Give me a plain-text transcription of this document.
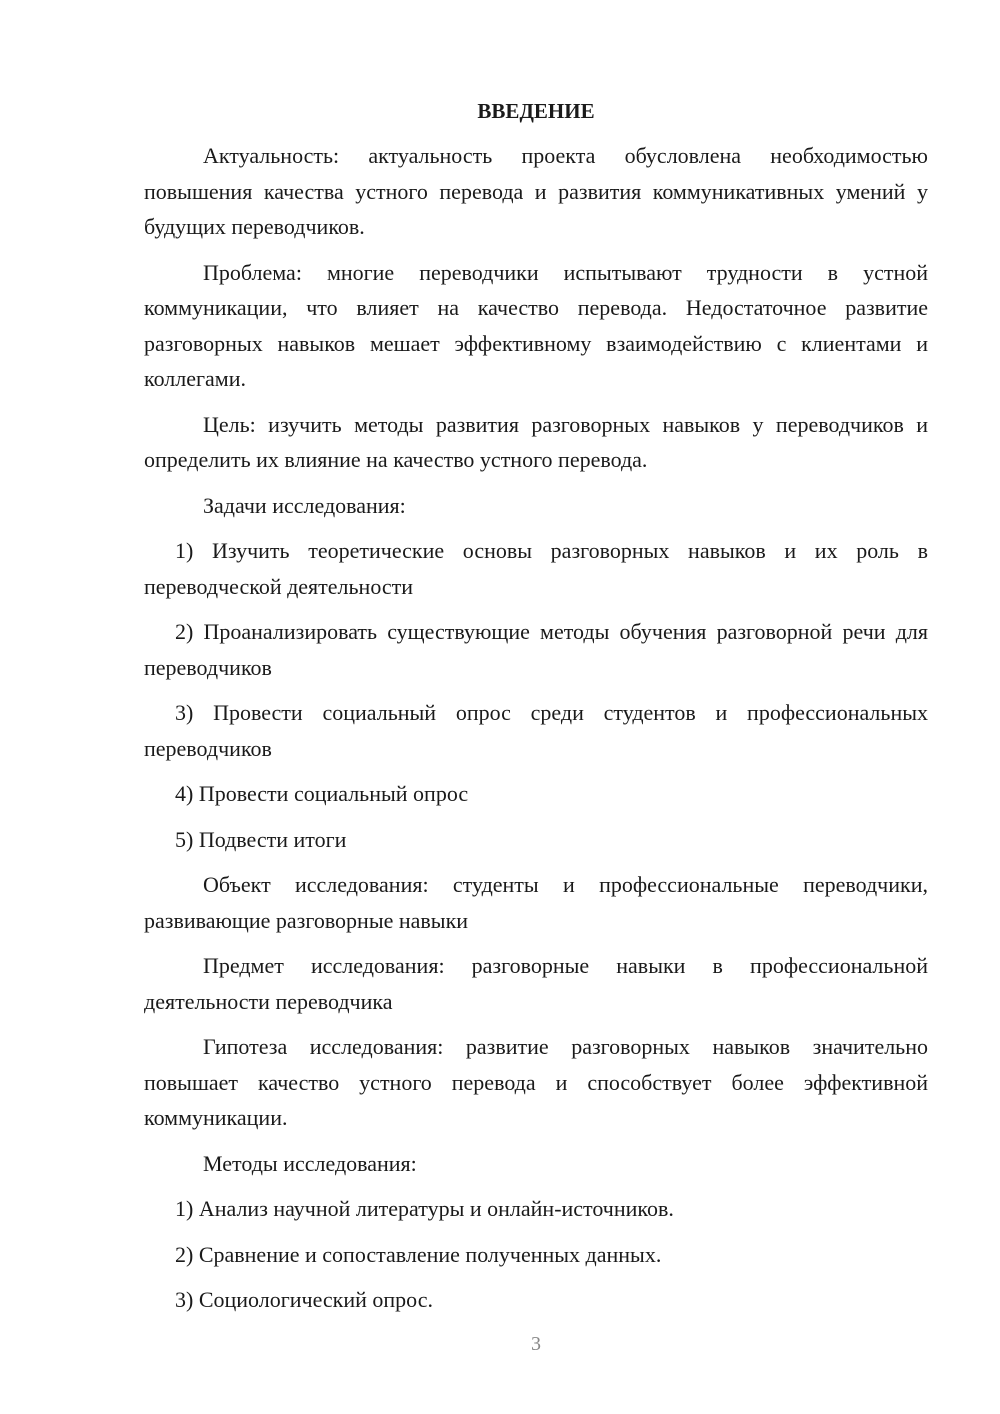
ВВЕДЕНИЕ

Актуальность: актуальность проекта обусловлена необходимостью повышения качества устного перевода и развития коммуникативных умений у будущих переводчиков.

Проблема: многие переводчики испытывают трудности в устной коммуникации, что влияет на качество перевода. Недостаточное развитие разговорных навыков мешает эффективному взаимодействию с клиентами и коллегами.

Цель: изучить методы развития разговорных навыков у переводчиков и определить их влияние на качество устного перевода.

Задачи исследования:

1) Изучить теоретические основы разговорных навыков и их роль в переводческой деятельности

2) Проанализировать существующие методы обучения разговорной речи для переводчиков

3) Провести социальный опрос среди студентов и профессиональных переводчиков

4) Провести социальный опрос

5) Подвести итоги

Объект исследования: студенты и профессиональные переводчики, развивающие разговорные навыки

Предмет исследования: разговорные навыки в профессиональной деятельности переводчика

Гипотеза исследования: развитие разговорных навыков значительно повышает качество устного перевода и способствует более эффективной коммуникации.

Методы исследования:

1) Анализ научной литературы и онлайн-источников.

2) Сравнение и сопоставление полученных данных.

3) Социологический опрос.

3
